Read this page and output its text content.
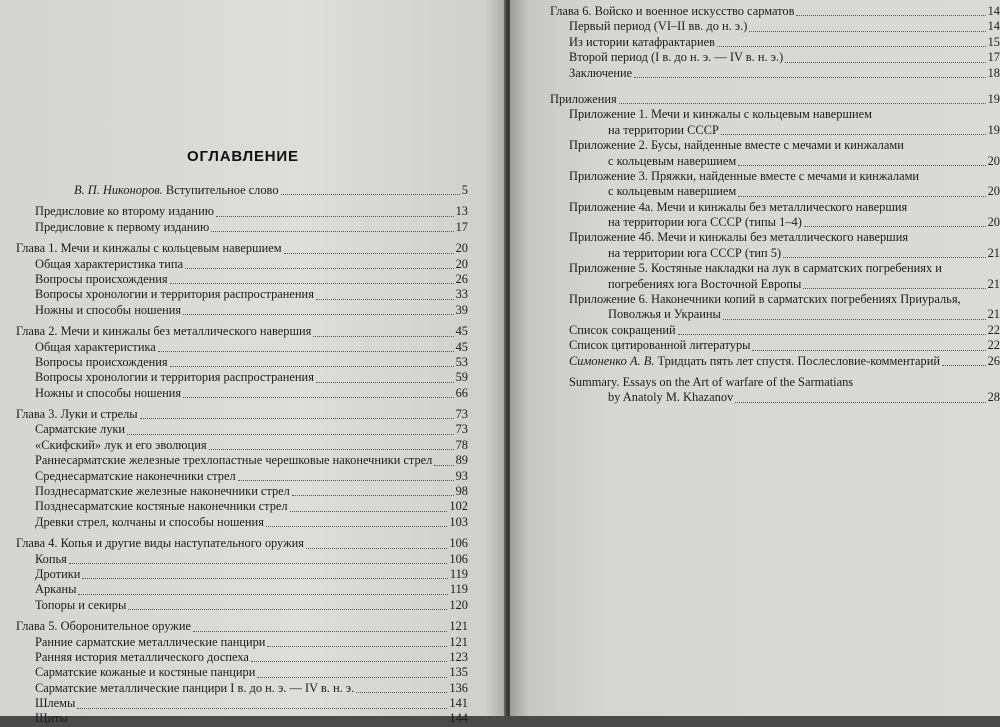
ОГЛАВЛЕНИЕ
В. П. Никоноров. Вступительное слово	5
Предисловие ко второму изданию	13
Предисловие к первому изданию	17
Глава 1. Мечи и кинжалы с кольцевым навершием	20
Общая характеристика типа	20
Вопросы происхождения	26
Вопросы хронологии и территория распространения	33
Ножны и способы ношения	39
Глава 2. Мечи и кинжалы без металлического навершия	45
Общая характеристика	45
Вопросы происхождения	53
Вопросы хронологии и территория распространения	59
Ножны и способы ношения	66
Глава 3. Луки и стрелы	73
Сарматские луки	73
«Скифский» лук и его эволюция	78
Раннесарматские железные трехлопастные черешковые наконечники стрел 89
Среднесарматские наконечники стрел	93
Позднесарматские железные наконечники стрел	98
Позднесарматские костяные наконечники стрел	102
Древки стрел, колчаны и способы ношения	103
Глава 4. Копья и другие виды наступательного оружия	106
Копья	106
Дротики	119
Арканы	119
Топоры и секиры	120
Глава 5. Оборонительное оружие	121
Ранние сарматские металлические панцири	121
Ранняя история металлического доспеха	123
Сарматские кожаные и костяные панцири	135
Сарматские металлические панцири I в. до н. э. — IV в. н. э.	136
Шлемы	141
Щиты	144
Глава 6. Войско и военное искусство сарматов	14
Первый период (VI–II вв. до н. э.)	14
Из истории катафрактариев	15
Второй период (I в. до н. э. — IV в. н. э.)	17
Заключение	18
Приложения	19
Приложение 1. Мечи и кинжалы с кольцевым навершием
на территории СССР	19
Приложение 2. Бусы, найденные вместе с мечами и кинжалами
с кольцевым навершием	20
Приложение 3. Пряжки, найденные вместе с мечами и кинжалами
с кольцевым навершием	20
Приложение 4а. Мечи и кинжалы без металлического навершия
на территории юга СССР (типы 1–4)	20
Приложение 4б. Мечи и кинжалы без металлического навершия
на территории юга СССР (тип 5)	21
Приложение 5. Костяные накладки на лук в сарматских погребениях и
погребениях юга Восточной Европы	21
Приложение 6. Наконечники копий в сарматских погребениях Приуралья,
Поволжья и Украины	21
Список сокращений	22
Список цитированной литературы	22
Симоненко А. В. Тридцать пять лет спустя. Послесловие-комментарий	26
Summary. Essays on the Art of warfare of the Sarmatians
by Anatoly M. Khazanov	28
